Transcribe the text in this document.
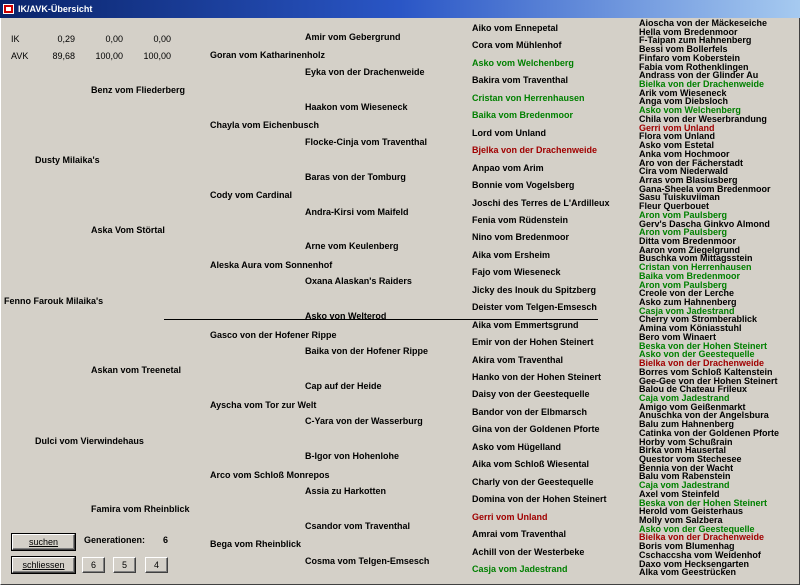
IK/AVK-Übersicht
IK	0,29	0,00	0,00
AVK	89,68	100,00	100,00
Fenno Farouk Milaika's
Dusty Milaika's
Dulci vom Vierwindehaus
Benz vom Fliederberg
Aska Vom Störtal
Askan vom Treenetal
Famira vom Rheinblick
Goran vom Katharinenholz
Chayla vom Eichenbusch
Cody vom Cardinal
Aleska Aura vom Sonnenhof
Gasco von der Hofener Rippe
Ayscha vom Tor zur Welt
Arco vom Schloß Monrepos
Bega vom Rheinblick
Amir vom Gebergrund
Eyka von der Drachenweide
Haakon vom Wieseneck
Flocke-Cinja vom Traventhal
Baras von der Tomburg
Andra-Kirsi vom Maifeld
Arne vom Keulenberg
Oxana Alaskan's Raiders
Asko von Welterod
Baika von der Hofener Rippe
Cap auf der Heide
C-Yara von der Wasserburg
B-Igor von Hohenlohe
Assia zu Harkotten
Csandor vom Traventhal
Cosma vom Telgen-Emsesch
Aiko vom Ennepetal
Cora vom Mühlenhof
Asko vom Welchenberg
Bakira vom Traventhal
Cristan von Herrenhausen
Baika vom Bredenmoor
Lord vom Unland
Bjelka von der Drachenweide
Anpao vom Arim
Bonnie vom Vogelsberg
Joschi des Terres de L'Ardilleux
Fenia vom Rüdenstein
Nino vom Bredenmoor
Aika vom Ersheim
Fajo vom Wieseneck
Jicky des Inouk du Spitzberg
Deister vom Telgen-Emsesch
Aika vom Emmertsgrund
Emir von der Hohen Steinert
Akira vom Traventhal
Hanko von der Hohen Steinert
Daisy von der Geestequelle
Bandor von der Elbmarsch
Gina von der Goldenen Pforte
Asko vom Hügelland
Aika vom Schloß Wiesental
Charly von der Geestequelle
Domina von der Hohen Steinert
Gerri vom Unland
Amrai vom Traventhal
Achill von der Westerbeke
Casja vom Jadestrand
Aioscha von der Mäckeseiche
Hella vom Bredenmoor
F-Taipan zum Hahnenberg
Bessi vom Bollerfels
Finfaro vom Koberstein
Fabia vom Rothenklingen
Andrass von der Glinder Au
Bielka von der Drachenweide
Arik vom Wieseneck
Anga vom Diebsloch
Asko vom Welchenberg
Chila von der Weserbrandung
Gerri vom Unland
Flora vom Unland
Asko vom Estetal
Anka vom Hochmoor
Aro von der Fächerstadt
Cira vom Niederwald
Arras vom Blasiusberg
Gana-Sheela vom Bredenmoor
Sasu Tuiskuviiman
Fleur Querbouet
Aron vom Paulsberg
Gerv's Dascha Ginkvo Almond
Aron vom Paulsberg
Ditta vom Bredenmoor
Aaron vom Ziegelgrund
Buschka vom Mittagsstein
Cristan von Herrenhausen
Baika vom Bredenmoor
Aron vom Paulsberg
Creole von der Lerche
Asko zum Hahnenberg
Casja vom Jadestrand
Cherry vom Stromberablick
Amina vom Köniasstuhl
Bero vom Winaert
Beska von der Hohen Steinert
Asko von der Geestequelle
Bielka von der Drachenweide
Borres vom Schloß Kaltenstein
Gee-Gee von der Hohen Steinert
Balou de Chateau Frileux
Caja vom Jadestrand
Amigo vom Geißenmarkt
Anuschka von der Angelsbura
Balu zum Hahnenberg
Catinka von der Goldenen Pforte
Horby vom Schußrain
Birka vom Hausertal
Questor vom Stechesee
Bennia von der Wacht
Balu vom Rabenstein
Caja vom Jadestrand
Axel vom Steinfeld
Beska von der Hohen Steinert
Herold vom Geisterhaus
Molly vom Salzbera
Asko von der Geestequelle
Bielka von der Drachenweide
Boris vom Blumenhag
Cschaccsha vom Weidenhof
Daxo vom Hecksengarten
Alka vom Geestrücken
suchen	Generationen: 6
schliessen	6	5	4
